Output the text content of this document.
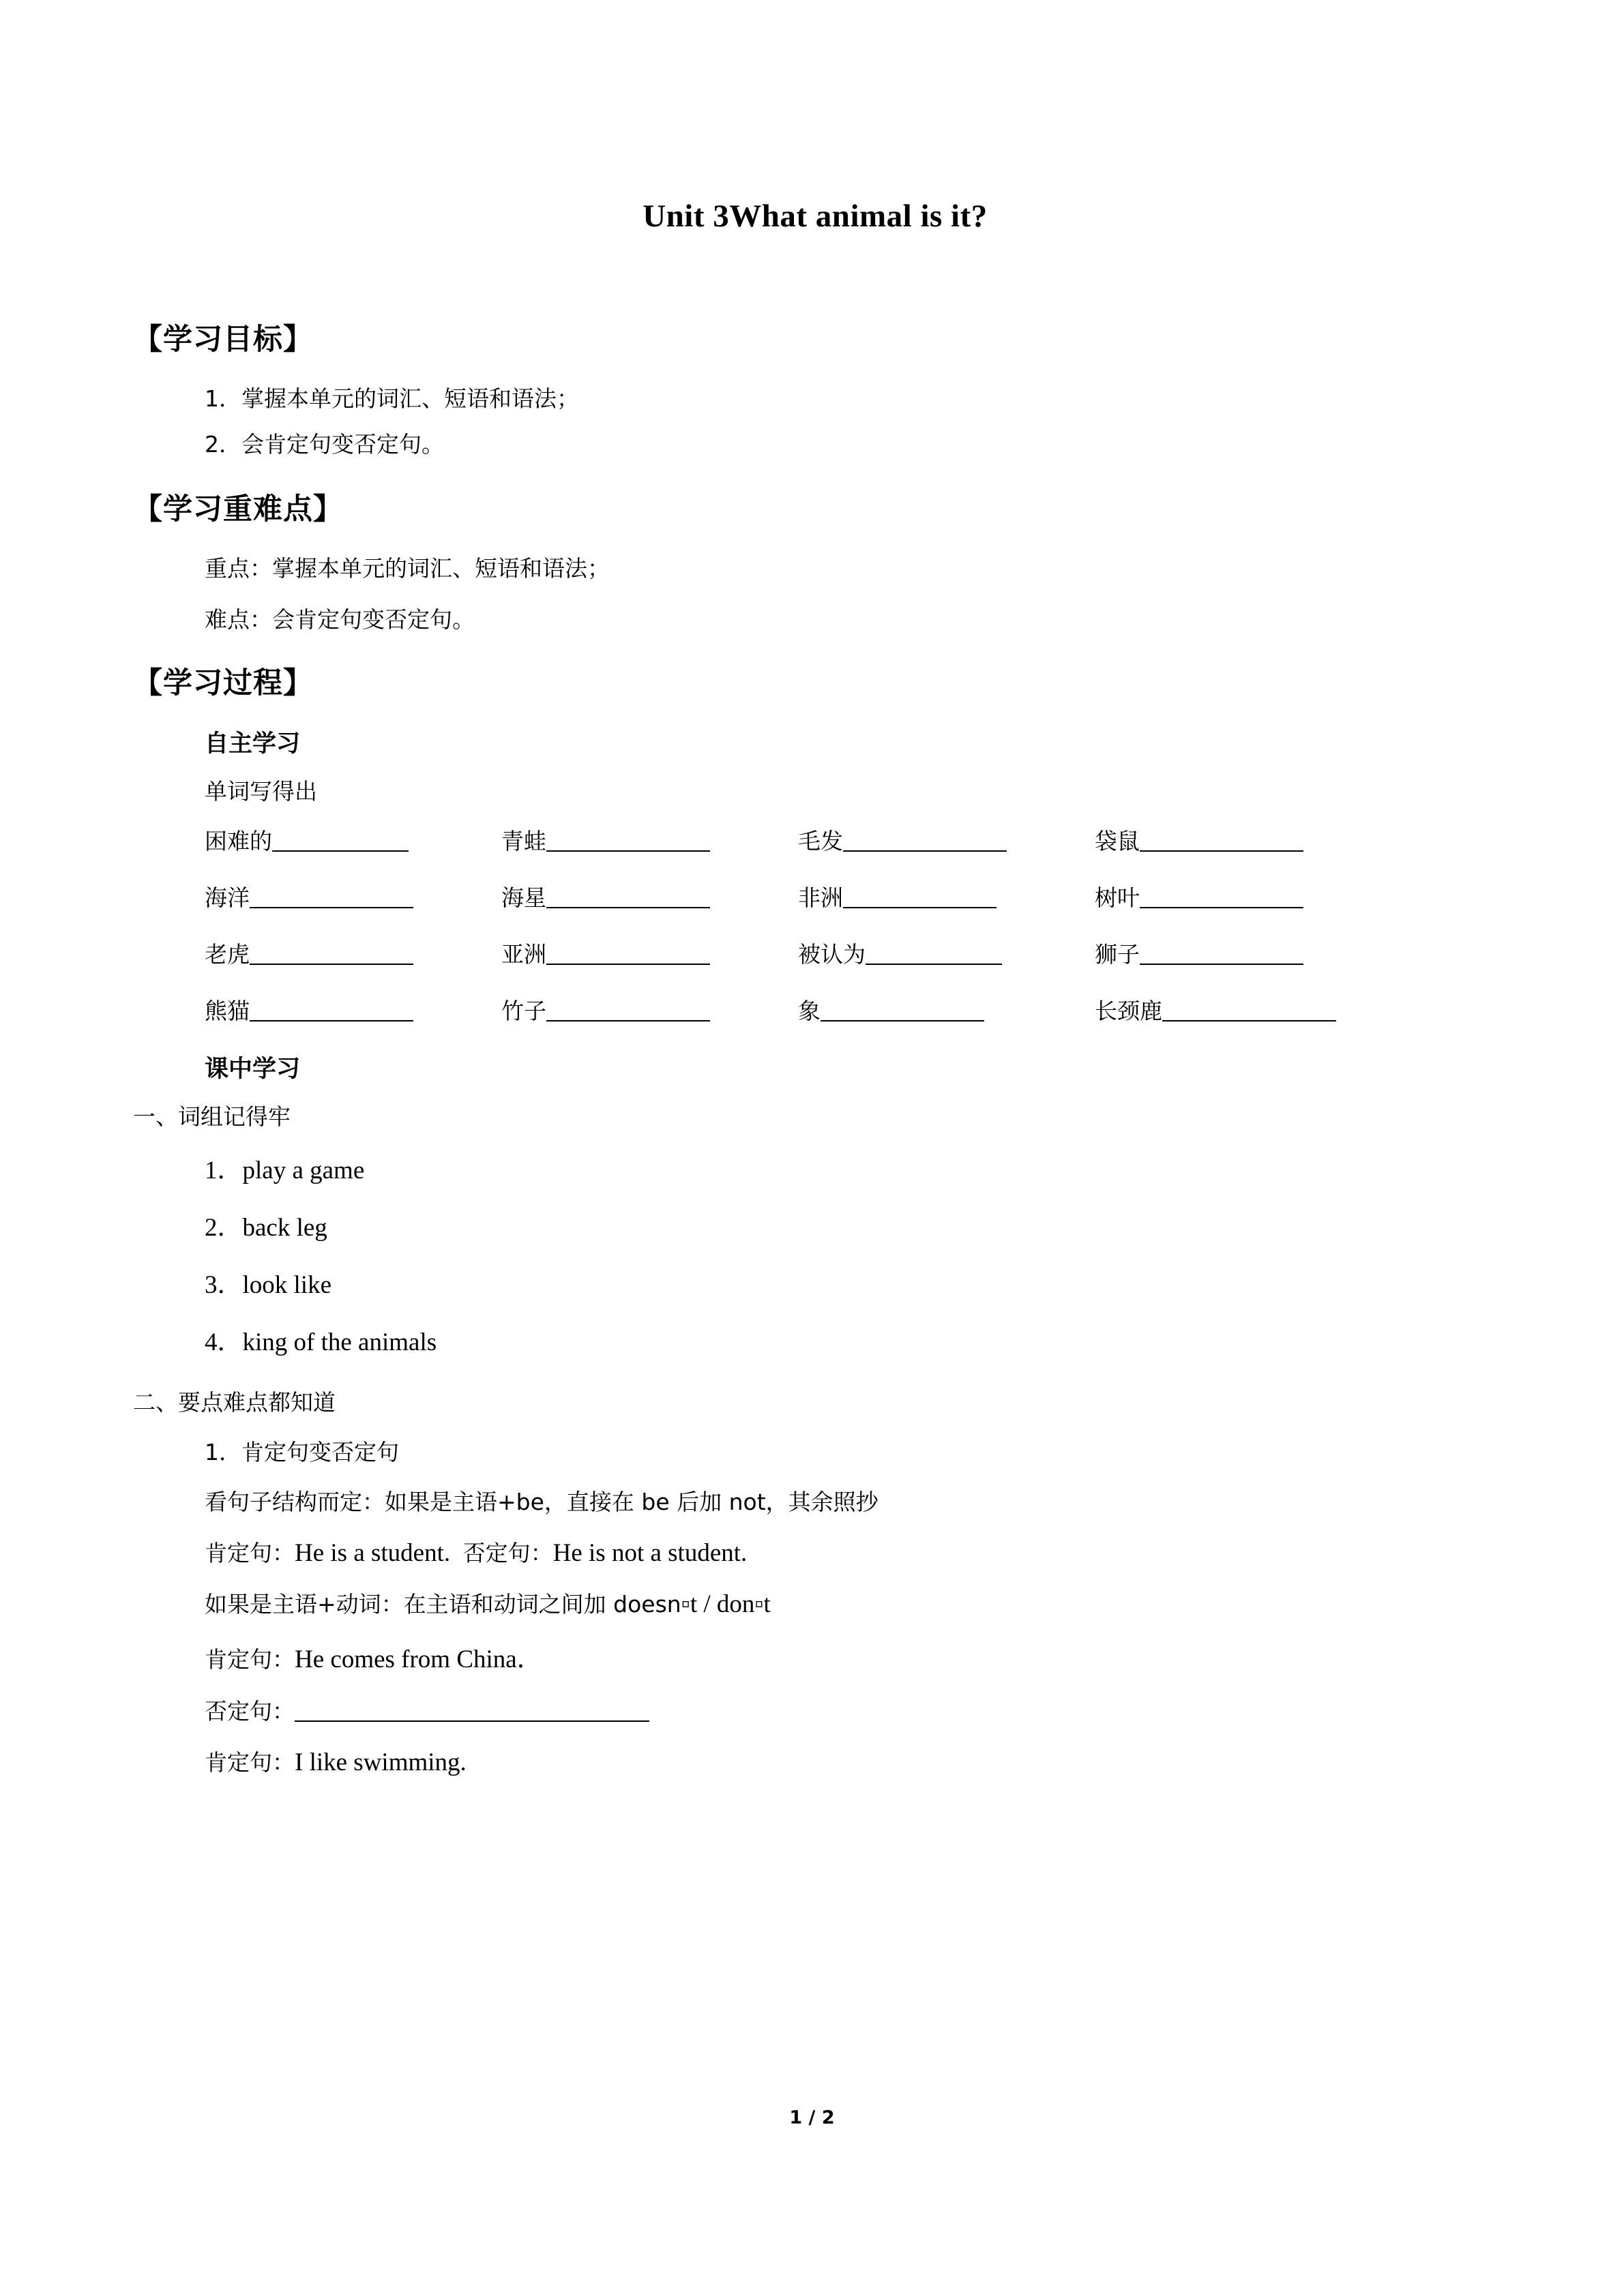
Unit 3What animal is it?
【学习目标】
1．掌握本单元的词汇、短语和语法；
2．会肯定句变否定句。
【学习重难点】
重点：掌握本单元的词汇、短语和语法；
难点：会肯定句变否定句。
【学习过程】
自主学习
单词写得出
困难的	青蛙	毛发	袋鼠
海洋	海星	非洲	树叶
老虎	亚洲	被认为	狮子
熊猫	竹子	象	长颈鹿
课中学习
一、词组记得牢
1．play a game
2．back leg
3．look like
4．king of the animals
二、要点难点都知道
1．肯定句变否定句
看句子结构而定：如果是主语+be，直接在 be 后加 not，其余照抄
肯定句：He is a student. 否定句：He is not a student.
如果是主语+动词：在主语和动词之间加 doesn▫t / don▫t
肯定句：He comes from China．
否定句：
肯定句：I like swimming.
1 / 2
